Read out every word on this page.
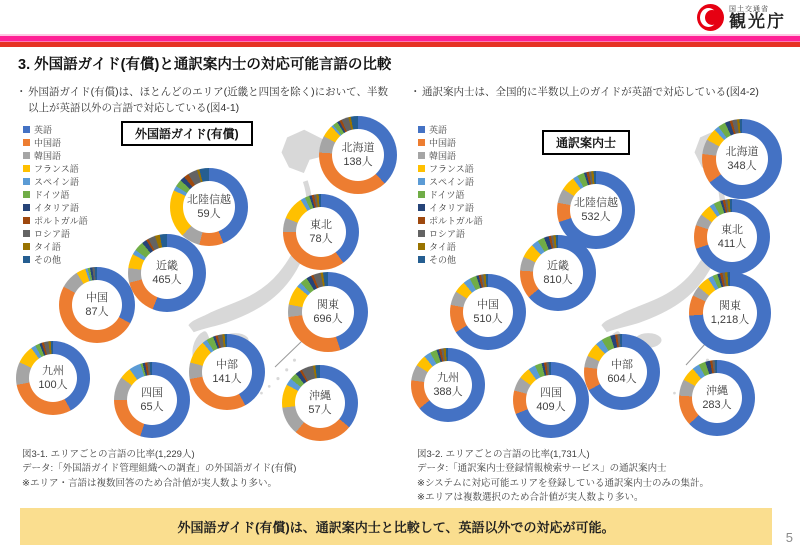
国土交通省
観光庁
3. 外国語ガイド(有償)と通訳案内士の対応可能言語の比較
・ 外国語ガイド(有償)は、ほとんどのエリア(近畿と四国を除く)において、半数以上が英語以外の言語で対応している(図4-1)
・ 通訳案内士は、全国的に半数以上のガイドが英語で対応している(図4-2)
英語
中国語
韓国語
フランス語
スペイン語
ドイツ語
イタリア語
ポルトガル語
ロシア語
タイ語
その他
外国語ガイド(有償)
北海道
138人
北陸信越
59人
東北
78人
近畿
465人
関東
696人
中国
87人
九州
100人
四国
65人
中部
141人
沖縄
57人
図3-1. エリアごとの言語の比率(1,229人)
データ:「外国語ガイド管理組織への調査」の外国語ガイド(有償)
※エリア・言語は複数回答のため合計値が実人数より多い。
英語
中国語
韓国語
フランス語
スペイン語
ドイツ語
イタリア語
ポルトガル語
ロシア語
タイ語
その他
通訳案内士
北海道
348人
北陸信越
532人
東北
411人
近畿
810人
関東
1,218人
中国
510人
九州
388人	四国
409人
中部
604人
沖縄
283人
図3-2. エリアごとの言語の比率(1,731人)
データ:「通訳案内士登録情報検索サービス」の通訳案内士
※システムに対応可能エリアを登録している通訳案内士のみの集計。
※エリアは複数選択のため合計値が実人数より多い。
外国語ガイド(有償)は、通訳案内士と比較して、英語以外での対応が可能。
5
